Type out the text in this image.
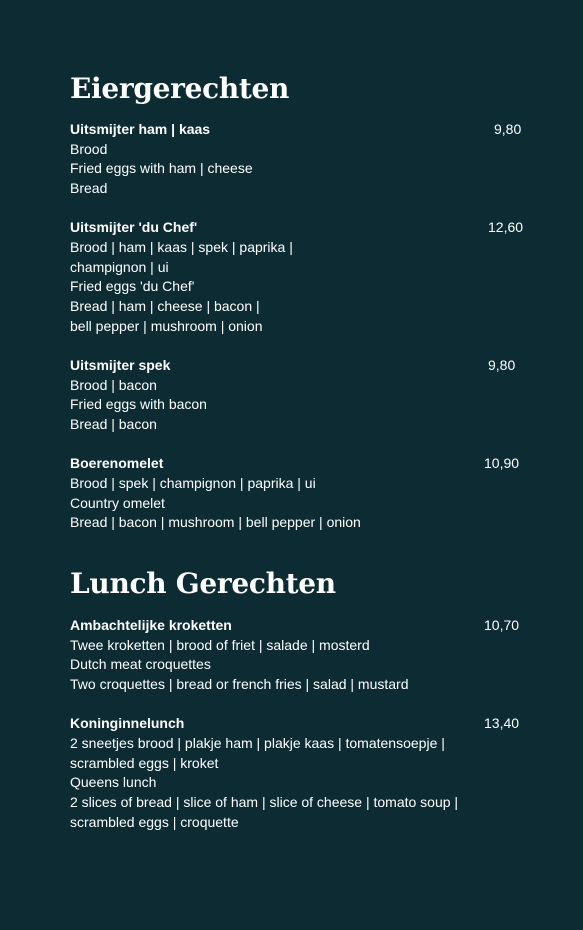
Eiergerechten
Uitsmijter ham | kaas	9,80
Brood
Fried eggs with ham | cheese
Bread
Uitsmijter 'du Chef'	12,60
Brood | ham | kaas | spek | paprika |
champignon | ui
Fried eggs 'du Chef'
Bread | ham | cheese | bacon |
bell pepper | mushroom | onion
Uitsmijter spek	9,80
Brood | bacon
Fried eggs with bacon
Bread | bacon
Boerenomelet	10,90
Brood | spek | champignon | paprika | ui
Country omelet
Bread | bacon | mushroom | bell pepper | onion
Lunch Gerechten
Ambachtelijke kroketten	10,70
Twee kroketten | brood of friet | salade | mosterd
Dutch meat croquettes
Two croquettes | bread or french fries | salad | mustard
Koninginnelunch	13,40
2 sneetjes brood | plakje ham | plakje kaas | tomatensoepje |
scrambled eggs | kroket
Queens lunch
2 slices of bread | slice of ham | slice of cheese | tomato soup |
scrambled eggs | croquette
